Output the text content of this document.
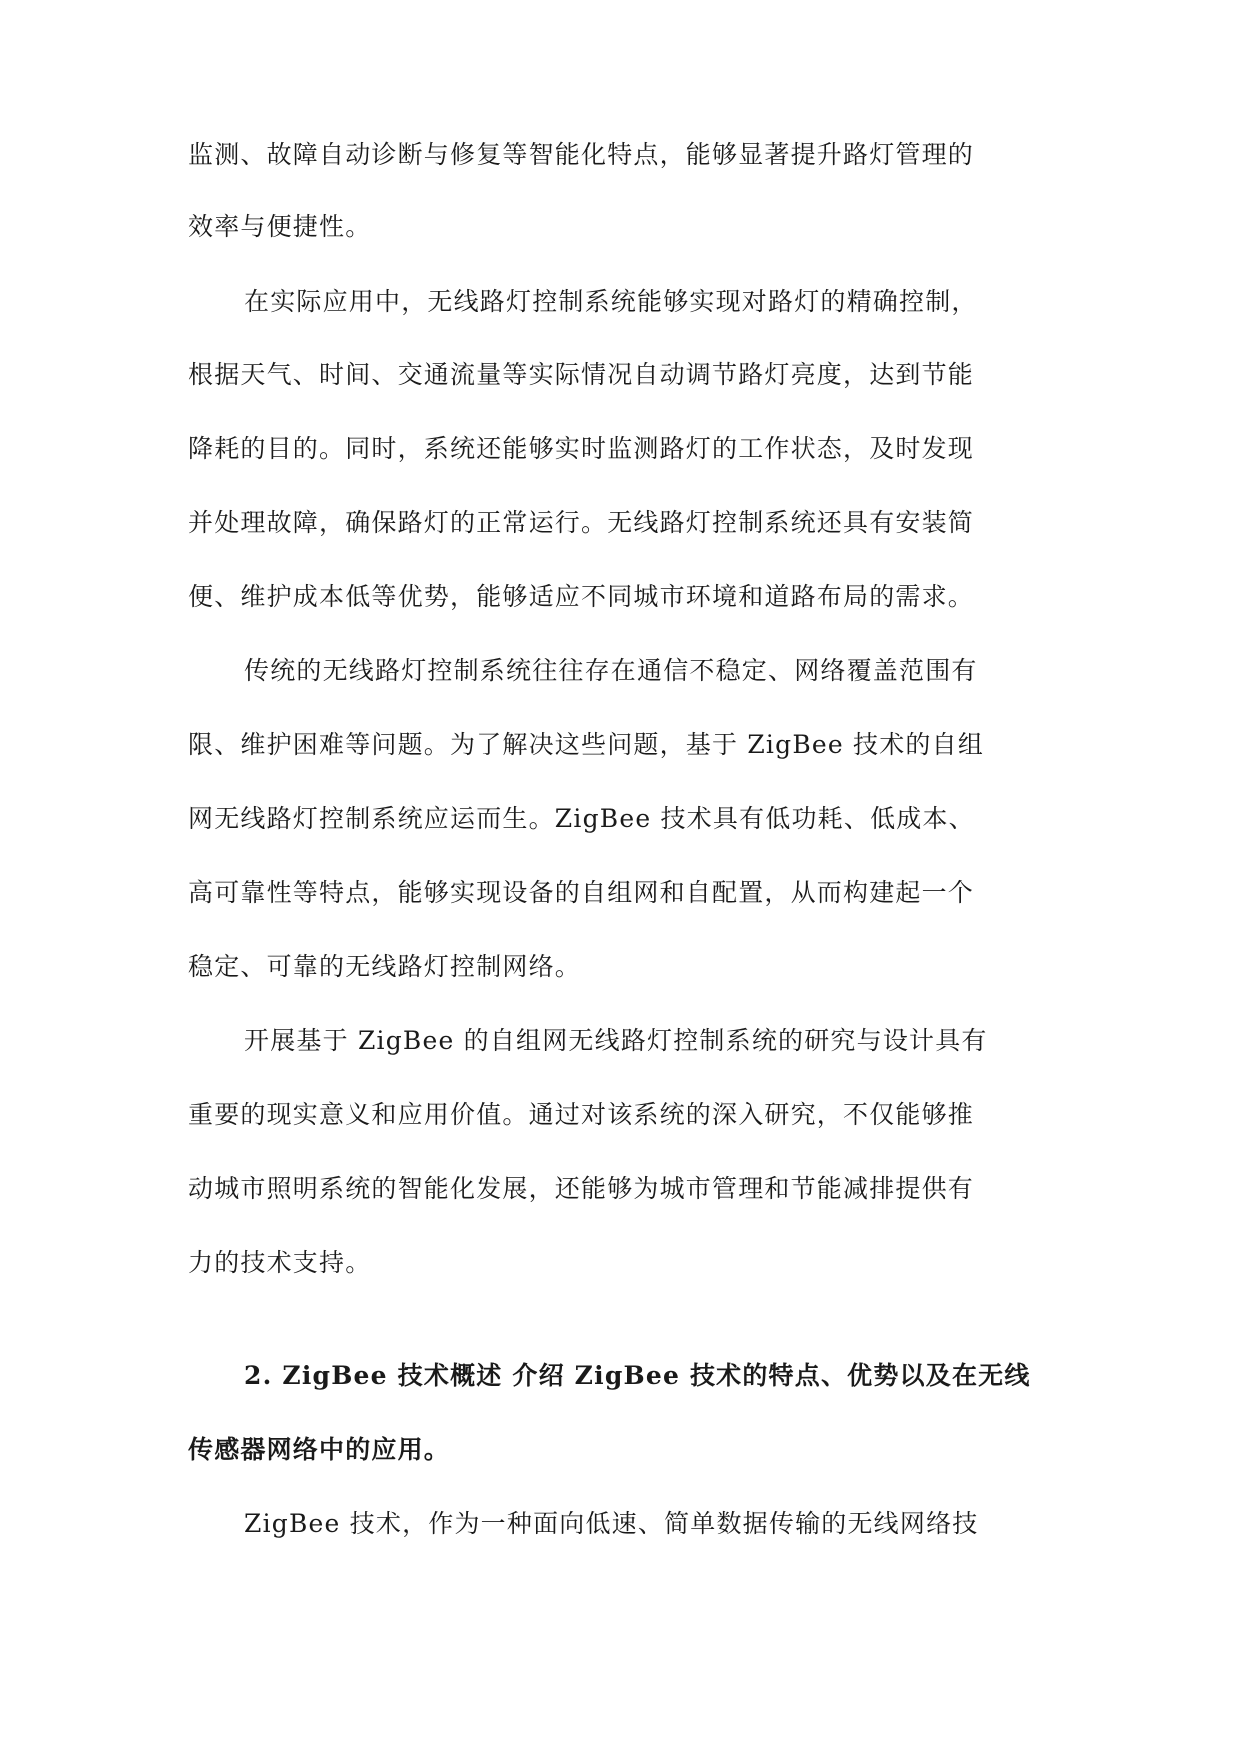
监测、故障自动诊断与修复等智能化特点，能够显著提升路灯管理的
效率与便捷性。
在实际应用中，无线路灯控制系统能够实现对路灯的精确控制，
根据天气、时间、交通流量等实际情况自动调节路灯亮度，达到节能
降耗的目的。同时，系统还能够实时监测路灯的工作状态，及时发现
并处理故障，确保路灯的正常运行。无线路灯控制系统还具有安装简
便、维护成本低等优势，能够适应不同城市环境和道路布局的需求。
传统的无线路灯控制系统往往存在通信不稳定、网络覆盖范围有
限、维护困难等问题。为了解决这些问题，基于 ZigBee 技术的自组
网无线路灯控制系统应运而生。ZigBee 技术具有低功耗、低成本、
高可靠性等特点，能够实现设备的自组网和自配置，从而构建起一个
稳定、可靠的无线路灯控制网络。
开展基于 ZigBee 的自组网无线路灯控制系统的研究与设计具有
重要的现实意义和应用价值。通过对该系统的深入研究，不仅能够推
动城市照明系统的智能化发展，还能够为城市管理和节能减排提供有
力的技术支持。
2. ZigBee 技术概述 介绍 ZigBee 技术的特点、优势以及在无线
传感器网络中的应用。
ZigBee 技术，作为一种面向低速、简单数据传输的无线网络技
